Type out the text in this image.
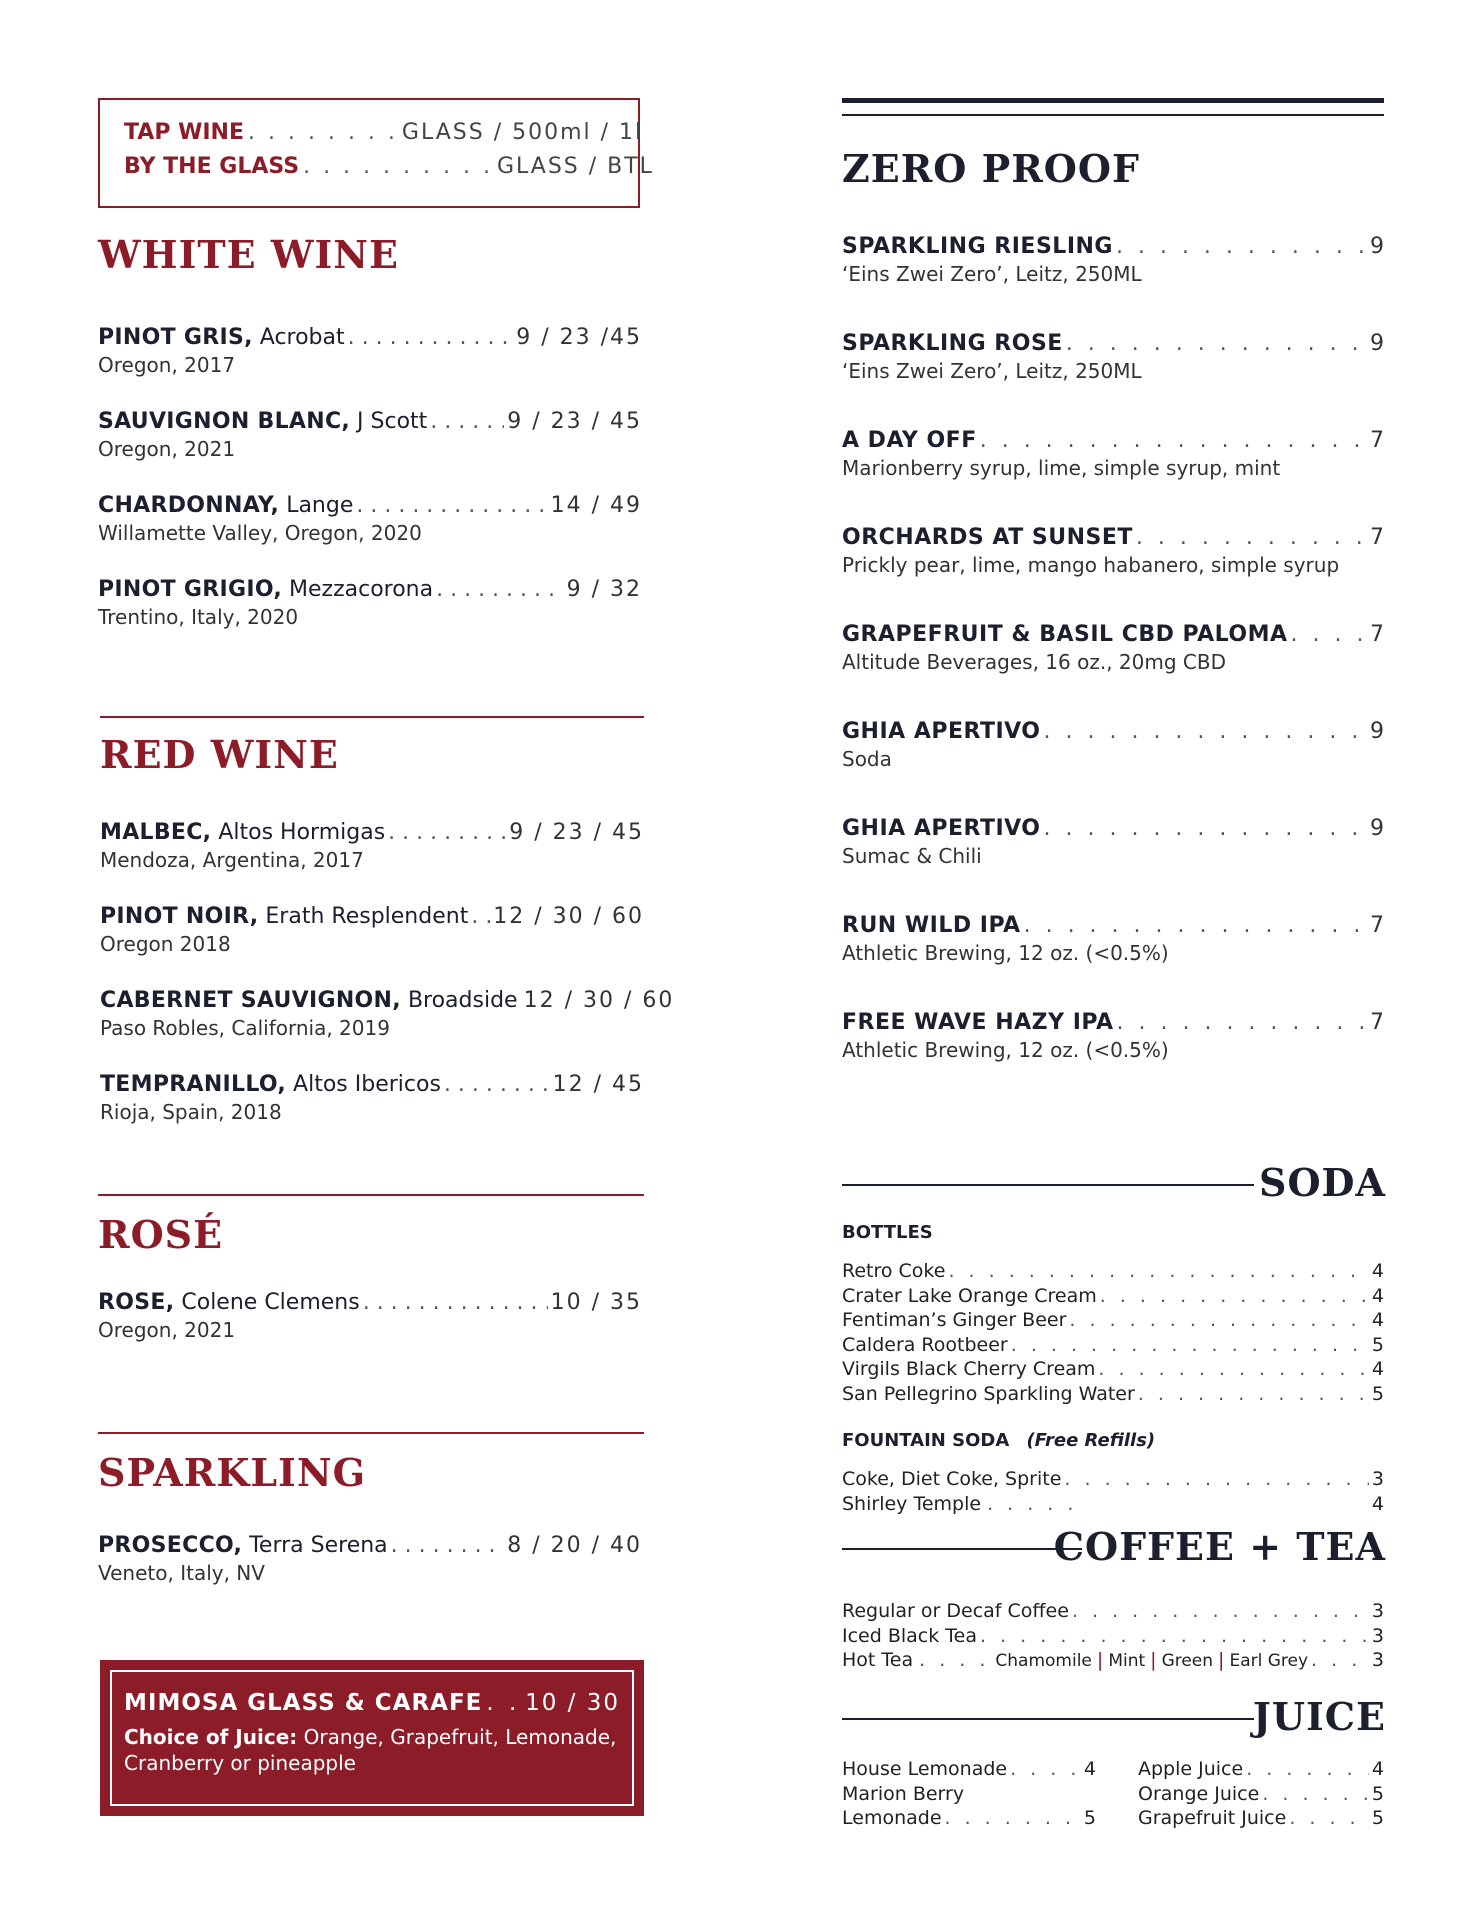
TAP WINE . . . . . . . . GLASS / 500ml / 1l
BY THE GLASS . . . . . . . . . . GLASS / BTL
WHITE WINE
PINOT GRIS,
Acrobat . . .	9 / 23 /45
Oregon, 2017
SAUVIGNON BLANC,
J Scott . . .	9 / 23 / 45
Oregon, 2021
CHARDONNAY,
Lange . . .	14 / 49
Willamette Valley, Oregon, 2020
PINOT GRIGIO,
Mezzacorona . . .	9 / 32
Trentino, Italy, 2020
RED WINE
MALBEC,
Altos Hormigas . . .	9 / 23 / 45
Mendoza, Argentina, 2017
PINOT NOIR,
Erath Resplendent . . . 12 / 30 / 60
Oregon 2018
CABERNET SAUVIGNON,
Broadside 12 / 30 / 60
Paso Robles, California, 2019
TEMPRANILLO,
Altos Ibericos . . .	12 / 45
Rioja, Spain, 2018
ROSÉ
ROSE,
Colene Clemens . . .	10 / 35
Oregon, 2021
SPARKLING
PROSECCO,
Terra Serena . . .	8 / 20 / 40
Veneto, Italy, NV
MIMOSA GLASS & CARAFE . . . 10 / 30
Choice of Juice: Orange, Grapefruit, Lemonade, Cranberry or pineapple
ZERO PROOF
SPARKLING RIESLING . . .	9
‘Eins Zwei Zero’, Leitz, 250ML
SPARKLING ROSE . . .	9
‘Eins Zwei Zero’, Leitz, 250ML
A DAY OFF . . .	7
Marionberry syrup, lime, simple syrup, mint
ORCHARDS AT SUNSET . . .	7
Prickly pear, lime, mango habanero, simple syrup
GRAPEFRUIT & BASIL CBD PALOMA . . .	7
Altitude Beverages, 16 oz., 20mg CBD
GHIA APERTIVO . . .	9
Soda
GHIA APERTIVO . . .	9
Sumac & Chili
RUN WILD IPA . . .	7
Athletic Brewing, 12 oz. (<0.5%)
FREE WAVE HAZY IPA . . .	7
Athletic Brewing, 12 oz. (<0.5%)
SODA
BOTTLES
Retro Coke . . .	4
Crater Lake Orange Cream . . .	4
Fentiman’s Ginger Beer . . .	4
Caldera Rootbeer . . .	5
Virgils Black Cherry Cream . . .	4
San Pellegrino Sparkling Water . . .	5
FOUNTAIN SODA (Free Refills)
Coke, Diet Coke, Sprite . . .	3
Shirley Temple . . . . .	4
COFFEE + TEA
Regular or Decaf Coffee . . .	3
Iced Black Tea . . .	3
Hot Tea . . . . Chamomile | Mint | Green | Earl Grey . . .	3
JUICE
House Lemonade . . .	4
Marion Berry
Lemonade . . .	5
Apple Juice . . .	4
Orange Juice . . .	5
Grapefruit Juice . . .	5
